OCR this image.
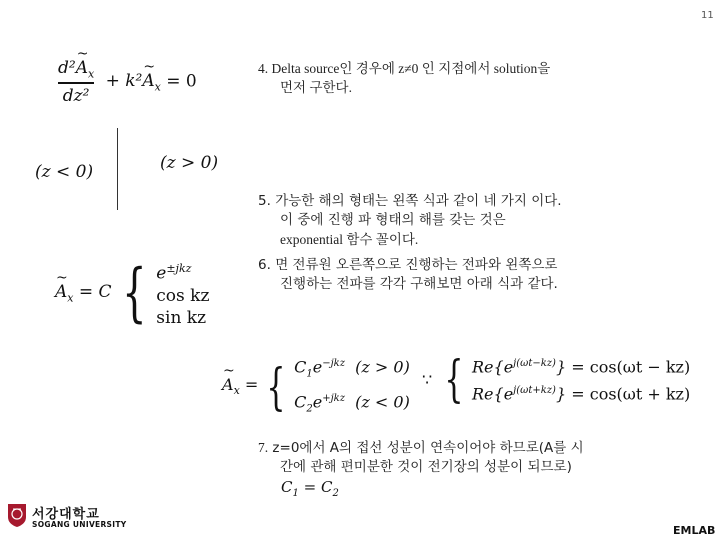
11
$\frac{d^2\sim A_x}{\text{dz²}}$ + k²~ $A_x = 0$
4. Delta source인 경우에 z≠0 인 지점에서 solution을
먼저 구한다.
(z < 0)	(z > 0)
5. 가능한 해의 형태는 왼쪽 식과 같이 네 가지 이다.
이 중에 진행 파 형태의 해를 갖는 것은
exponential 함수 꼴이다.
~ $A_x = C$ { $e^{\pm jkz}$
cos kz
sin kz
6. 면 전류원 오른쪽으로 진행하는 전파와 왼쪽으로
진행하는 전파를 각각 구해보면 아래 식과 같다.
~ $A_x$ = { $C_1e^{-jkz}$  (z > 0)
$C_2e^{+jkz}$  (z < 0)
∵ { $Re\{e^{j(\omega t-kz)}\} = \cos(\omega t - kz)$
$Re\{e^{j(\omega t+kz)}\} = \cos(\omega t + kz)$
7. z=0에서 A의 접선 성분이 연속이어야 하므로(A를 시
간에 관해 편미분한 것이 전기장의 성분이 되므로)
$C_1 = C_2$
서강대학교
SOGANG UNIVERSITY	EMLAB
